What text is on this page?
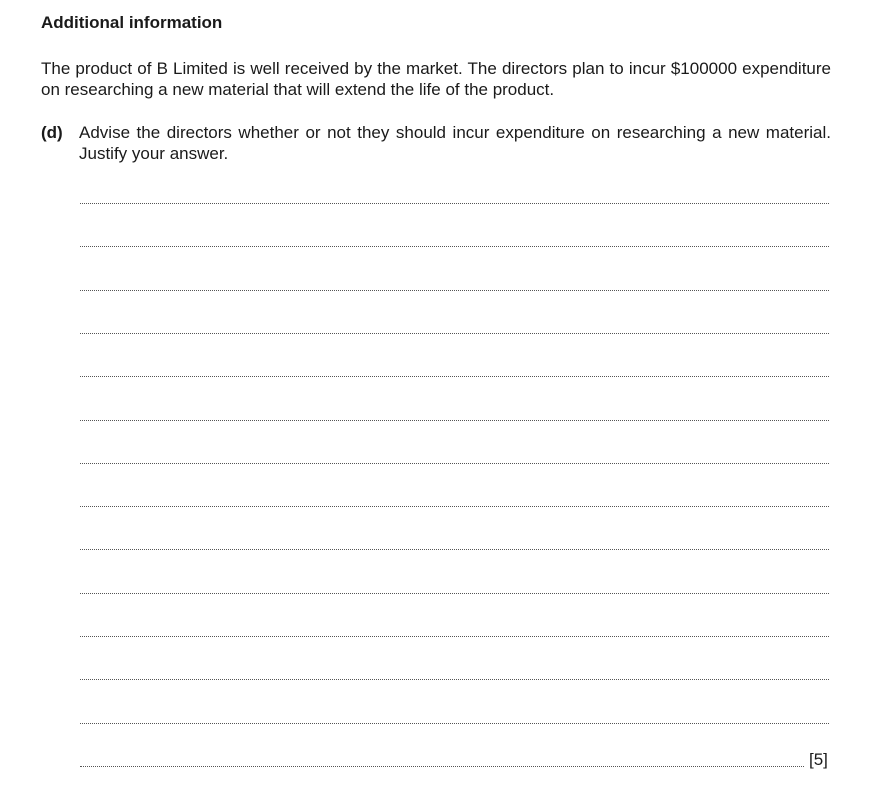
Additional information

The product of B Limited is well received by the market. The directors plan to incur $100000 expenditure on researching a new material that will extend the life of the product.

(d) Advise the directors whether or not they should incur expenditure on researching a new material. Justify your answer.

[5]
